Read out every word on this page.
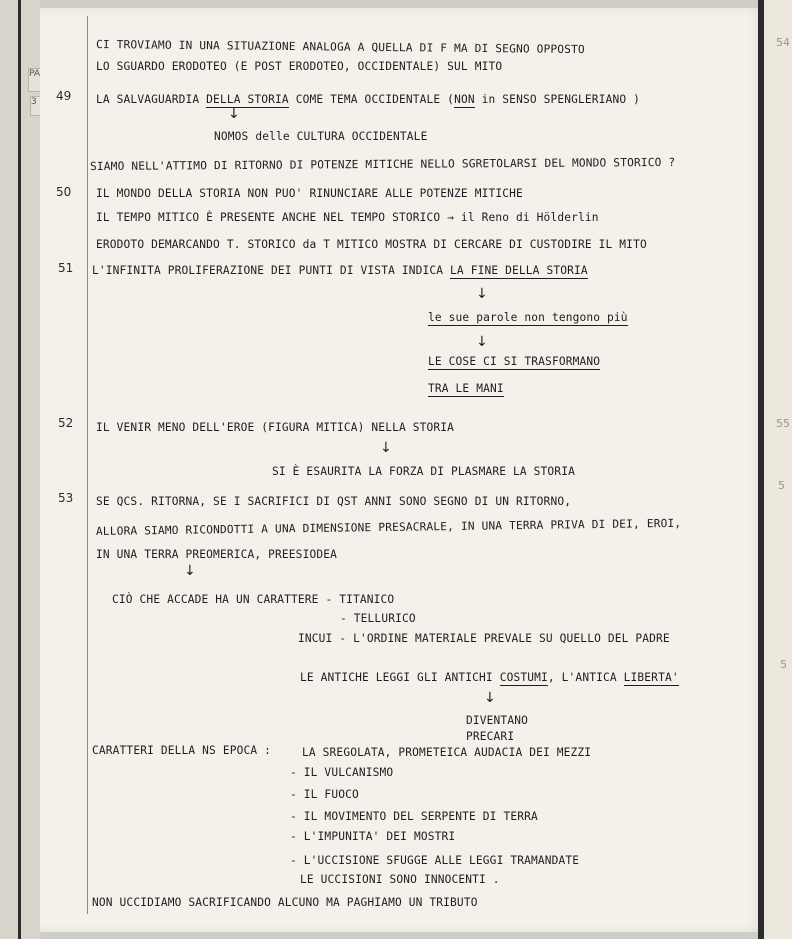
PA
3
54
55
5
5
CI TROVIAMO IN UNA SITUAZIONE ANALOGA A QUELLA DI F MA DI SEGNO OPPOSTO
LO SGUARDO ERODOTEO (E POST ERODOTEO, OCCIDENTALE) SUL MITO
49 LA SALVAGUARDIA DELLA STORIA COME TEMA OCCIDENTALE (NON in SENSO SPENGLERIANO )
↓
NOMOS delle CULTURA OCCIDENTALE
SIAMO NELL'ATTIMO DI RITORNO DI POTENZE MITICHE NELLO SGRETOLARSI DEL MONDO STORICO ?
50 IL MONDO DELLA STORIA NON PUO' RINUNCIARE ALLE POTENZE MITICHE
IL TEMPO MITICO È PRESENTE ANCHE NEL TEMPO STORICO → il Reno di Hölderlin
ERODOTO DEMARCANDO T. STORICO da T MITICO MOSTRA DI CERCARE DI CUSTODIRE IL MITO
51 L'INFINITA PROLIFERAZIONE DEI PUNTI DI VISTA INDICA LA FINE DELLA STORIA
↓
le sue parole non tengono più
↓
LE COSE CI SI TRASFORMANO
TRA LE MANI
52 IL VENIR MENO DELL'EROE (FIGURA MITICA) NELLA STORIA
↓
SI È ESAURITA LA FORZA DI PLASMARE LA STORIA
53 SE QCS. RITORNA, SE I SACRIFICI DI QST ANNI SONO SEGNO DI UN RITORNO,
ALLORA SIAMO RICONDOTTI A UNA DIMENSIONE PRESACRALE, IN UNA TERRA PRIVA DI DEI, EROI,
IN UNA TERRA PREOMERICA, PREESIODEA
↓
CIÒ CHE ACCADE HA UN CARATTERE - TITANICO
- TELLURICO
INCUI - L'ORDINE MATERIALE PREVALE SU QUELLO DEL PADRE
LE ANTICHE LEGGI GLI ANTICHI COSTUMI, L'ANTICA LIBERTA'
↓
DIVENTANO
PRECARI
CARATTERI DELLA NS EPOCA :	LA SREGOLATA, PROMETEICA AUDACIA DEI MEZZI
- IL VULCANISMO
- IL FUOCO
- IL MOVIMENTO DEL SERPENTE DI TERRA
- L'IMPUNITA' DEI MOSTRI
- L'UCCISIONE SFUGGE ALLE LEGGI TRAMANDATE
LE UCCISIONI SONO INNOCENTI .
NON UCCIDIAMO SACRIFICANDO ALCUNO MA PAGHIAMO UN TRIBUTO
